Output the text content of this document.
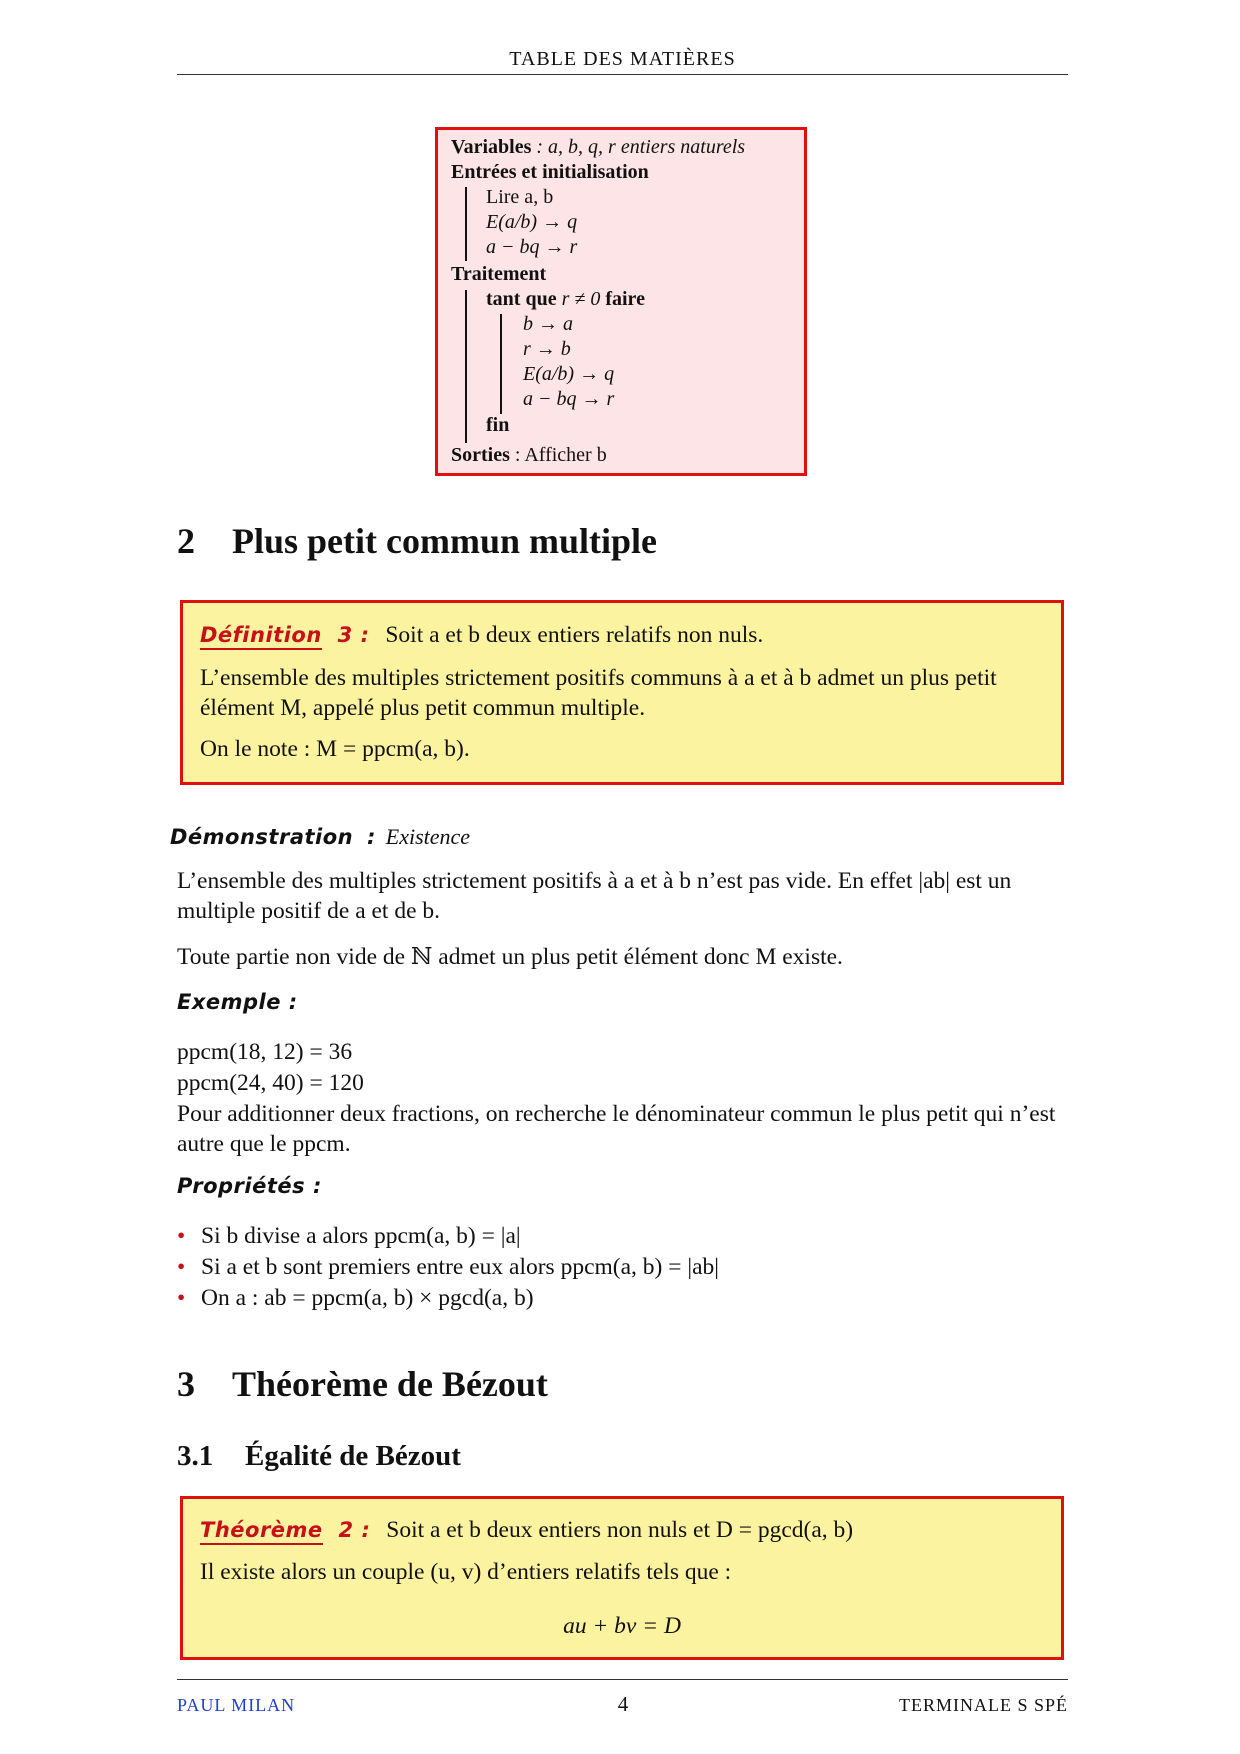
TABLE DES MATIÈRES
Variables : a, b, q, r entiers naturels
Entrées et initialisation
Lire a, b
E(a/b) → q
a − bq → r
Traitement
tant que r ≠ 0 faire
b → a
r → b
E(a/b) → q
a − bq → r
fin
Sorties : Afficher b
2 Plus petit commun multiple
Définition 3 : Soit a et b deux entiers relatifs non nuls.
L’ensemble des multiples strictement positifs communs à a et à b admet un plus petit élément M, appelé plus petit commun multiple.
On le note : M = ppcm(a, b).
Démonstration : Existence
L’ensemble des multiples strictement positifs à a et à b n’est pas vide. En effet |ab| est un multiple positif de a et de b.
Toute partie non vide de ℕ admet un plus petit élément donc M existe.
Exemple :
ppcm(18, 12) = 36
ppcm(24, 40) = 120
Pour additionner deux fractions, on recherche le dénominateur commun le plus petit qui n’est autre que le ppcm.
Propriétés :
• Si b divise a alors ppcm(a, b) = |a|
• Si a et b sont premiers entre eux alors ppcm(a, b) = |ab|
• On a : ab = ppcm(a, b) × pgcd(a, b)
3 Théorème de Bézout
3.1 Égalité de Bézout
Théorème 2 : Soit a et b deux entiers non nuls et D = pgcd(a, b)
Il existe alors un couple (u, v) d’entiers relatifs tels que :
au + bv = D
PAUL MILAN	4	TERMINALE S SPÉ
